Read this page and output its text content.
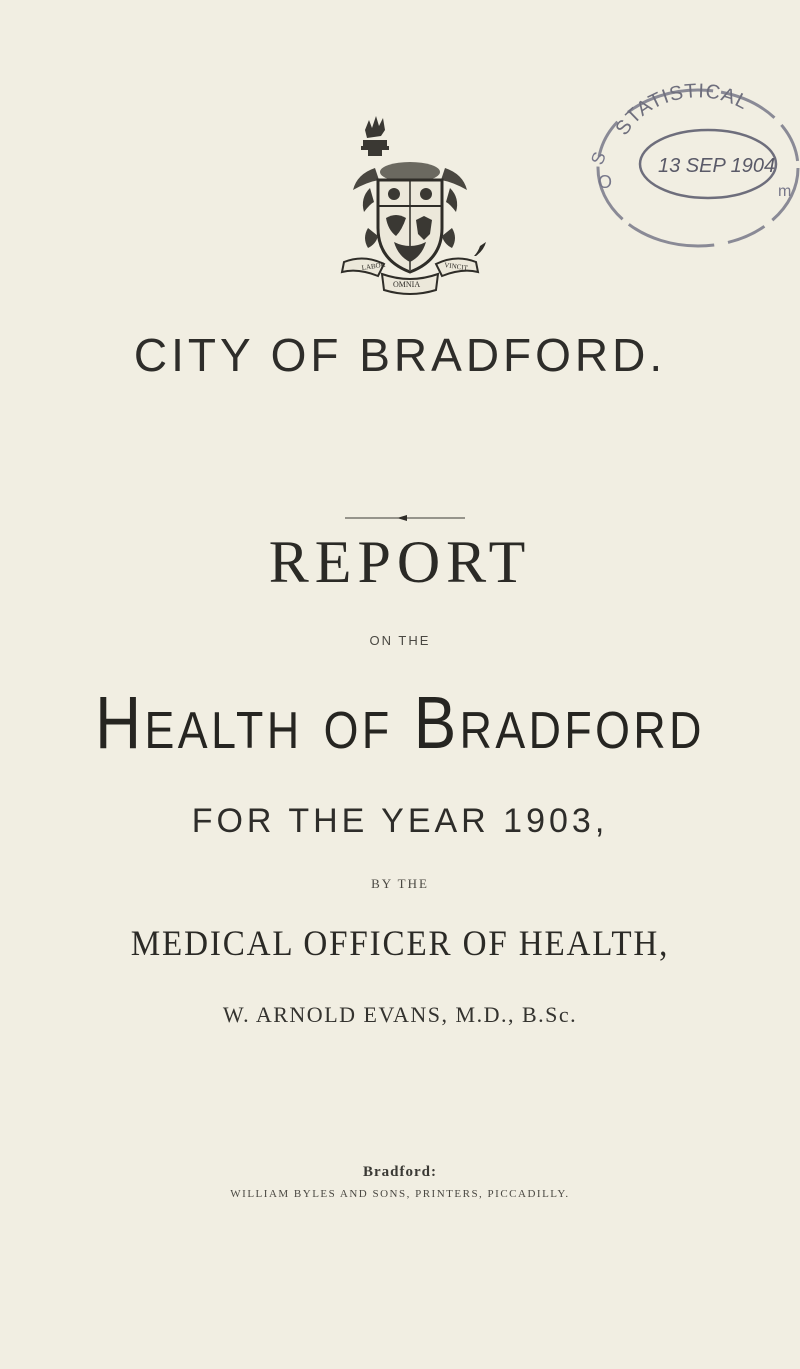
LABOR	VINCIT
OMNIA
STATISTICAL
13 SEP 1904
S
O	m
CITY OF BRADFORD.
REPORT
ON THE
Health of Bradford
FOR THE YEAR 1903,
BY THE
MEDICAL OFFICER OF HEALTH,
W. ARNOLD EVANS, M.D., B.Sc.
Bradford:
WILLIAM BYLES AND SONS, PRINTERS, PICCADILLY.
